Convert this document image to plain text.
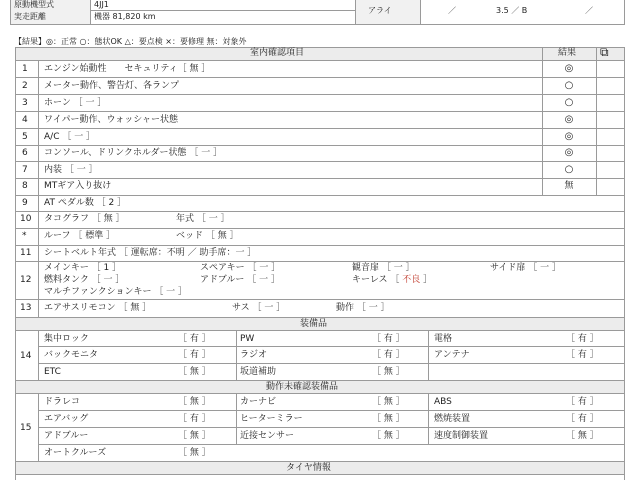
原動機型式	4JJ1
実走距離	機器 81,820 km
アライ	／	3.5 ／ B	／
【結果】◎：正常 ○：態状OK △：要点検 ×：要修理 無：対象外
室内確認項目	結果 ⧉
1 エンジン始動性　　セキュリティ［ 無 ］	◎
2 メーター動作、警告灯、各ランプ	○
3 ホーン ［ 一 ］	○
4 ワイパー動作、ウォッシャー状態	◎
5 A/C ［ 一 ］	◎
6 コンソール、ドリンクホルダー状態 ［ 一 ］	◎
7 内装 ［ 一 ］	○
8 MTギア入り抜け	無
9 AT ペダル数 ［ 2 ］
10 タコグラフ ［ 無 ］	年式 ［ 一 ］
* ルーフ ［ 標準 ］	ベッド ［ 無 ］
11 シートベルト年式 ［ 運転席：不明 ／ 助手席：一 ］
12
メインキー ［ 1 ］	スペアキー ［ 一 ］	観音扉 ［ 一 ］	サイド扉 ［ 一 ］
燃料タンク ［ 一 ］	アドブルー ［ 一 ］	キーレス ［ 不良 ］
マルチファンクションキー ［ 一 ］
13 エアサスリモコン ［ 無 ］	サス ［ 一 ］	動作 ［ 一 ］
装備品
14
集中ロック	［ 有 ］	PW	［ 有 ］	電格	［ 有 ］
バックモニタ	［ 有 ］	ラジオ	［ 有 ］	アンテナ	［ 有 ］
ETC	［ 無 ］	坂道補助	［ 無 ］
動作未確認装備品
15
ドラレコ	［ 無 ］	カーナビ	［ 無 ］	ABS	［ 有 ］
エアバッグ	［ 有 ］	ヒーターミラー	［ 無 ］	燃焼装置	［ 有 ］
アドブルー	［ 無 ］	近接センサー	［ 無 ］	速度制御装置	［ 無 ］
オートクルーズ	［ 無 ］
タイヤ情報
